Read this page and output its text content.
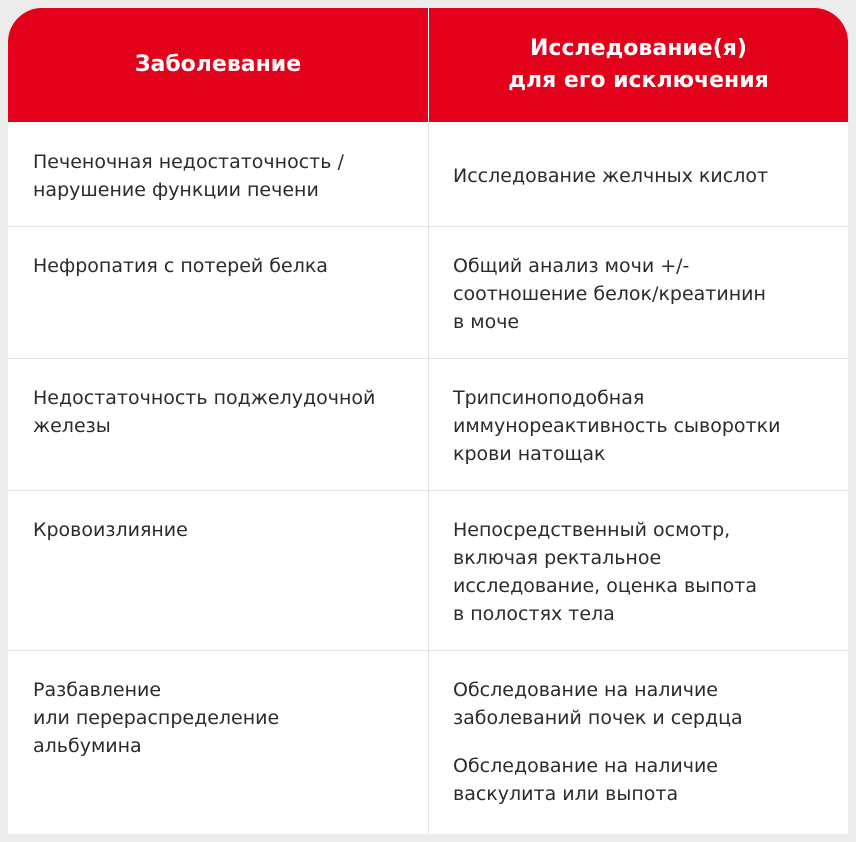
Заболевание
Исследование(я)
для его исключения
Печеночная недостаточность /
нарушение функции печени
Исследование желчных кислот
Нефропатия с потерей белка	Общий анализ мочи +/-
соотношение белок/креатинин
в моче
Недостаточность поджелудочной
железы
Трипсиноподобная
иммунореактивность сыворотки
крови натощак
Кровоизлияние	Непосредственный осмотр,
включая ректальное
исследование, оценка выпота
в полостях тела
Разбавление
или перераспределение
альбумина
Обследование на наличие
заболеваний почек и сердца
Обследование на наличие
васкулита или выпота
